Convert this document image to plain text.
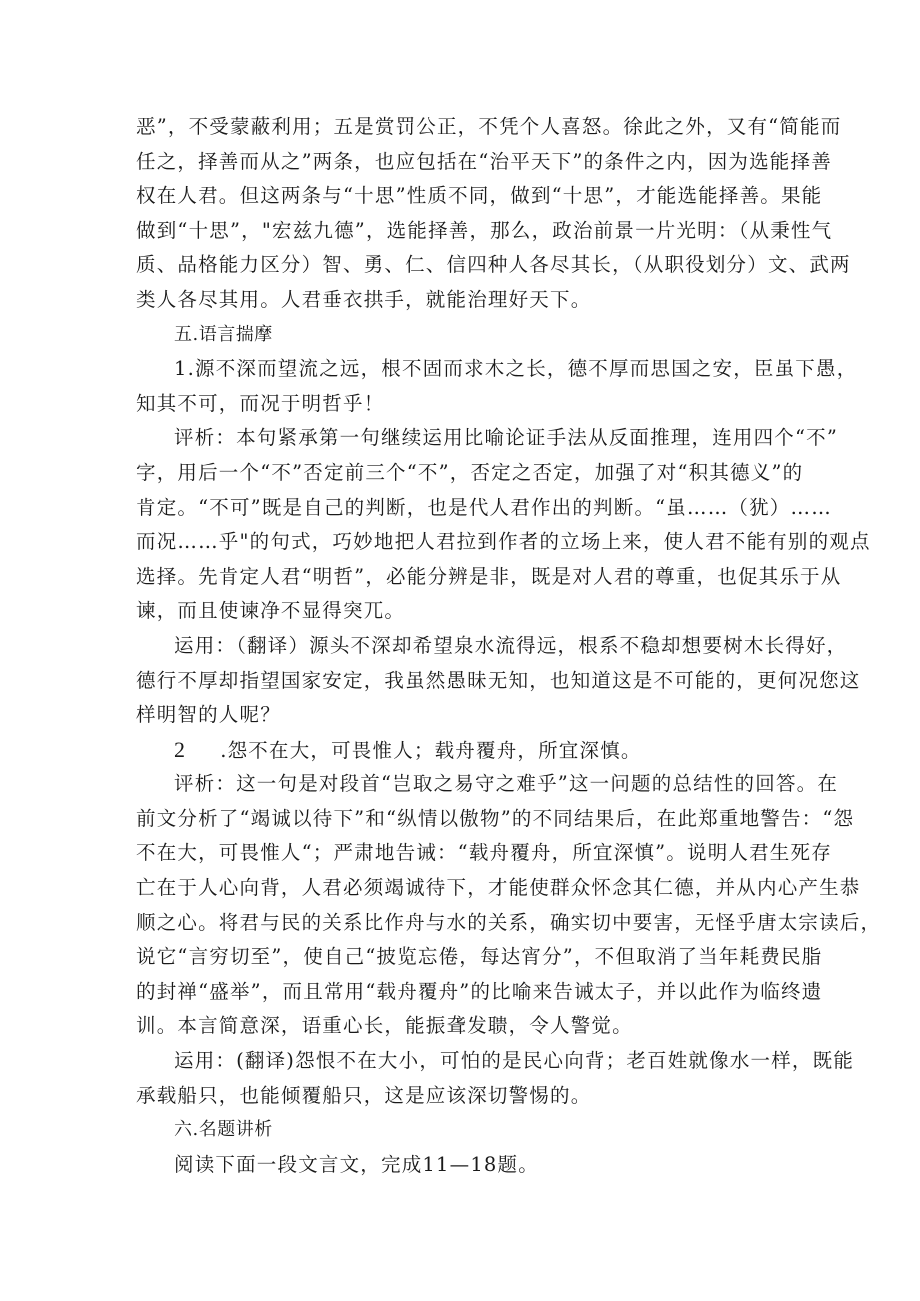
恶”，不受蒙蔽利用；五是赏罚公正，不凭个人喜怒。徐此之外，又有“简能而

任之，择善而从之”两条，也应包括在“治平天下”的条件之内，因为选能择善

权在人君。但这两条与“十思”性质不同，做到“十思”，才能选能择善。果能

做到“十思”，"宏兹九德”，选能择善，那么，政治前景一片光明：（从秉性气

质、品格能力区分）智、勇、仁、信四种人各尽其长，（从职役划分）文、武两

类人各尽其用。人君垂衣拱手，就能治理好天下。

五.语言揣摩

1.源不深而望流之远，根不固而求木之长，德不厚而思国之安，臣虽下愚，

知其不可，而况于明哲乎！

评析：本句紧承第一句继续运用比喻论证手法从反面推理，连用四个“不”

字，用后一个“不”否定前三个“不”，否定之否定，加强了对“积其德义”的

肯定。“不可”既是自己的判断，也是代人君作出的判断。“虽……（犹）……

而况……乎"的句式，巧妙地把人君拉到作者的立场上来，使人君不能有别的观点

选择。先肯定人君“明哲”，必能分辨是非，既是对人君的尊重，也促其乐于从

谏，而且使谏净不显得突兀。

运用：（翻译）源头不深却希望泉水流得远，根系不稳却想要树木长得好，

德行不厚却指望国家安定，我虽然愚昧无知，也知道这是不可能的，更何况您这

样明智的人呢？

2 .怨不在大，可畏惟人；载舟覆舟，所宜深慎。

评析：这一句是对段首“岂取之易守之难乎”这一问题的总结性的回答。在

前文分析了“竭诚以待下”和“纵情以傲物”的不同结果后，在此郑重地警告：“怨

不在大，可畏惟人“；严肃地告诫：“载舟覆舟，所宜深慎”。说明人君生死存

亡在于人心向背，人君必须竭诚待下，才能使群众怀念其仁德，并从内心产生恭

顺之心。将君与民的关系比作舟与水的关系，确实切中要害，无怪乎唐太宗读后，

说它“言穷切至”，使自己“披览忘倦，每达宵分”，不但取消了当年耗费民脂

的封禅“盛举”，而且常用“载舟覆舟”的比喻来告诫太子，并以此作为临终遗

训。本言简意深，语重心长，能振聋发聩，令人警觉。

运用：(翻译)怨恨不在大小，可怕的是民心向背；老百姓就像水一样，既能

承载船只，也能倾覆船只，这是应该深切警惕的。

六.名题讲析

阅读下面一段文言文，完成11—18题。
